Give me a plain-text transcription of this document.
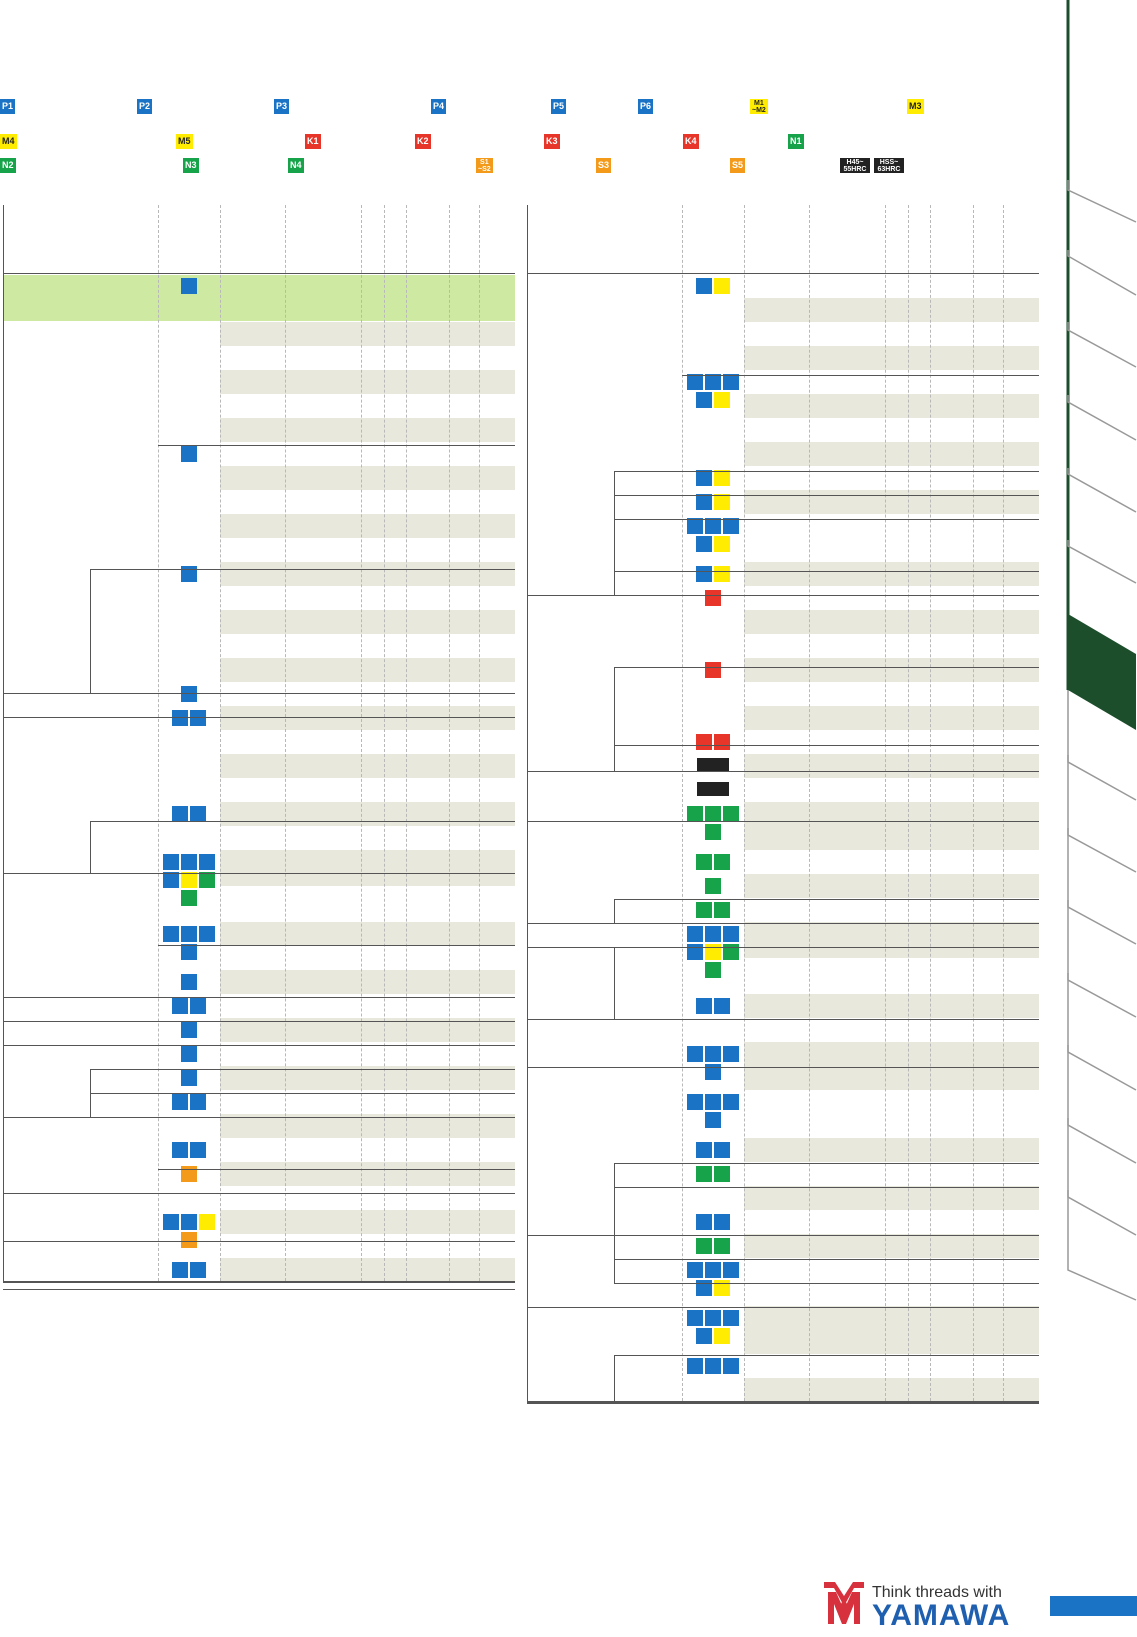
P1	P2	P3	P4	P5	P6	M1
~M2	M3
M4	M5	K1	K2	K3	K4	N1
N2	N3	N4	S1
~S2	S3	S5	H45~
55HRC
HSS~
63HRC
Think threads with
YAMAWA
